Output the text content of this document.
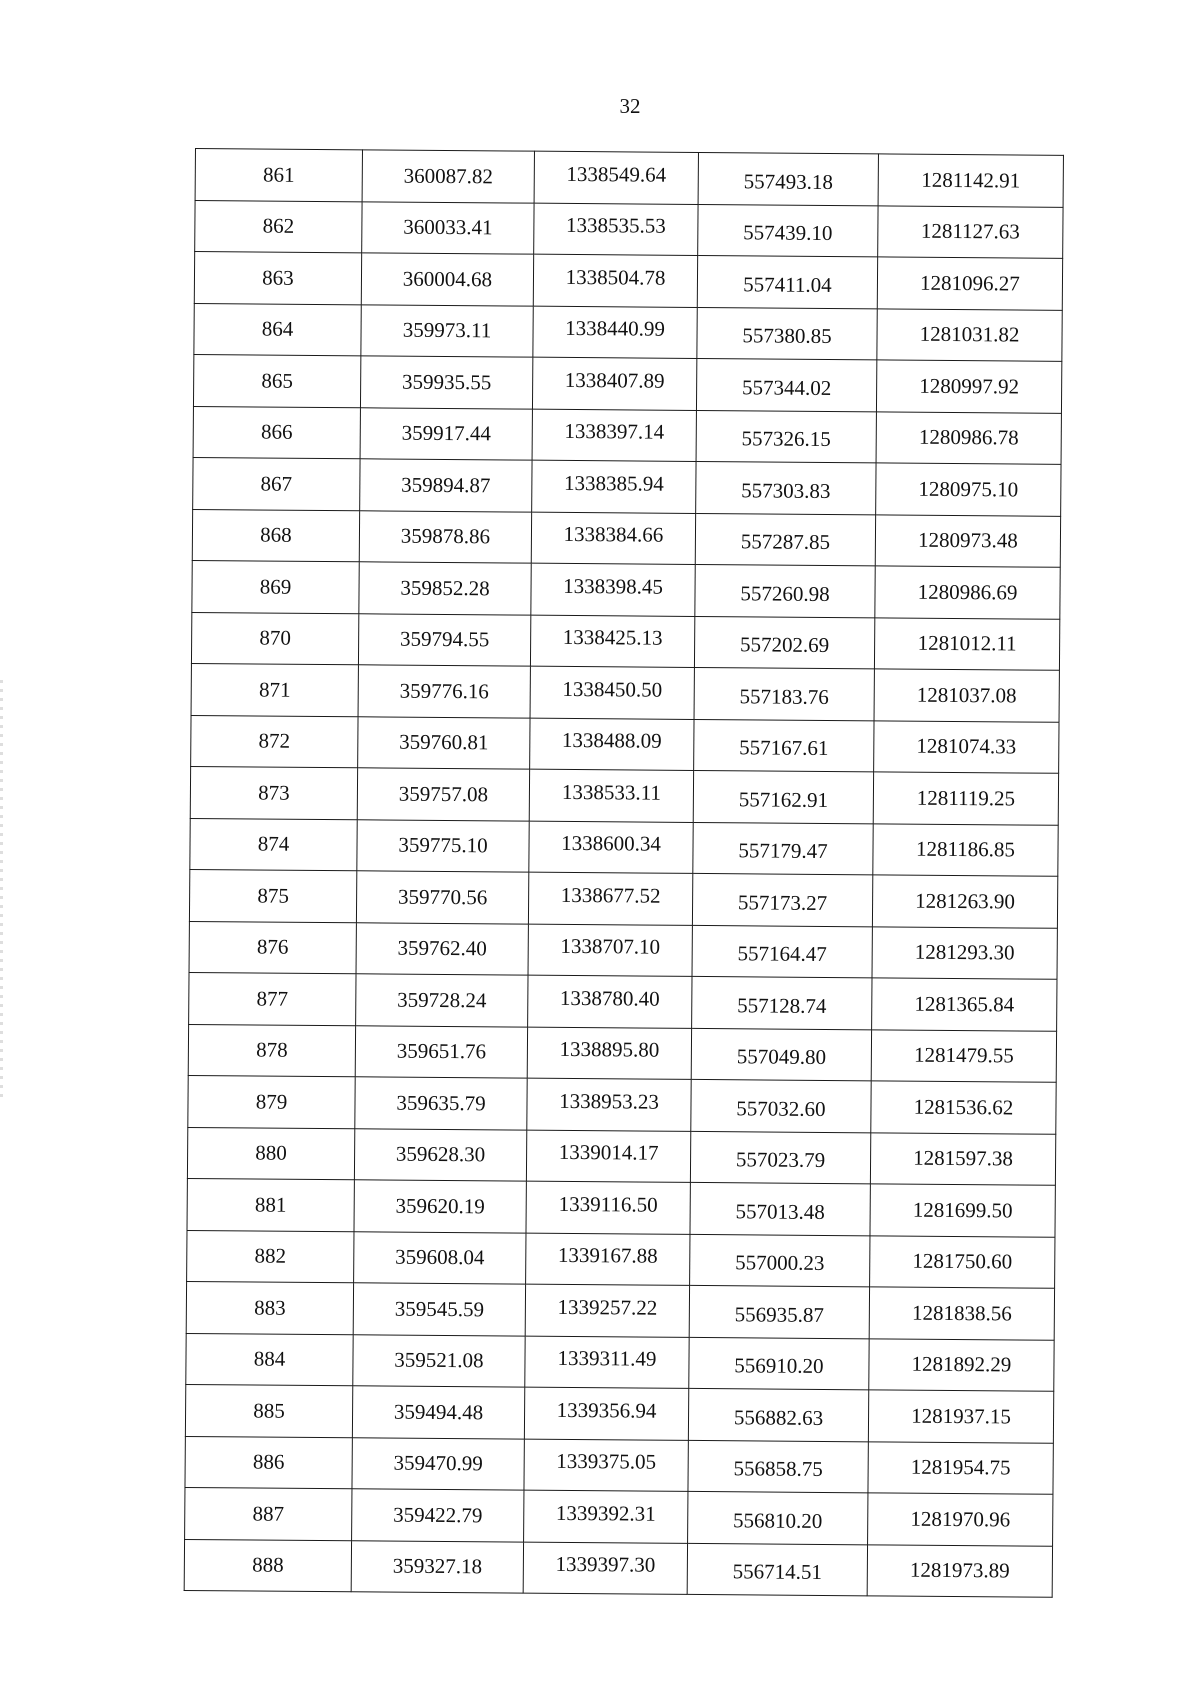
32
861	360087.82	1338549.64	557493.18	1281142.91
862	360033.41	1338535.53	557439.10	1281127.63
863	360004.68	1338504.78	557411.04	1281096.27
864	359973.11	1338440.99	557380.85	1281031.82
865	359935.55	1338407.89	557344.02	1280997.92
866	359917.44	1338397.14	557326.15	1280986.78
867	359894.87	1338385.94	557303.83	1280975.10
868	359878.86	1338384.66	557287.85	1280973.48
869	359852.28	1338398.45	557260.98	1280986.69
870	359794.55	1338425.13	557202.69	1281012.11
871	359776.16	1338450.50	557183.76	1281037.08
872	359760.81	1338488.09	557167.61	1281074.33
873	359757.08	1338533.11	557162.91	1281119.25
874	359775.10	1338600.34	557179.47	1281186.85
875	359770.56	1338677.52	557173.27	1281263.90
876	359762.40	1338707.10	557164.47	1281293.30
877	359728.24	1338780.40	557128.74	1281365.84
878	359651.76	1338895.80	557049.80	1281479.55
879	359635.79	1338953.23	557032.60	1281536.62
880	359628.30	1339014.17	557023.79	1281597.38
881	359620.19	1339116.50	557013.48	1281699.50
882	359608.04	1339167.88	557000.23	1281750.60
883	359545.59	1339257.22	556935.87	1281838.56
884	359521.08	1339311.49	556910.20	1281892.29
885	359494.48	1339356.94	556882.63	1281937.15
886	359470.99	1339375.05	556858.75	1281954.75
887	359422.79	1339392.31	556810.20	1281970.96
888	359327.18	1339397.30	556714.51	1281973.89
